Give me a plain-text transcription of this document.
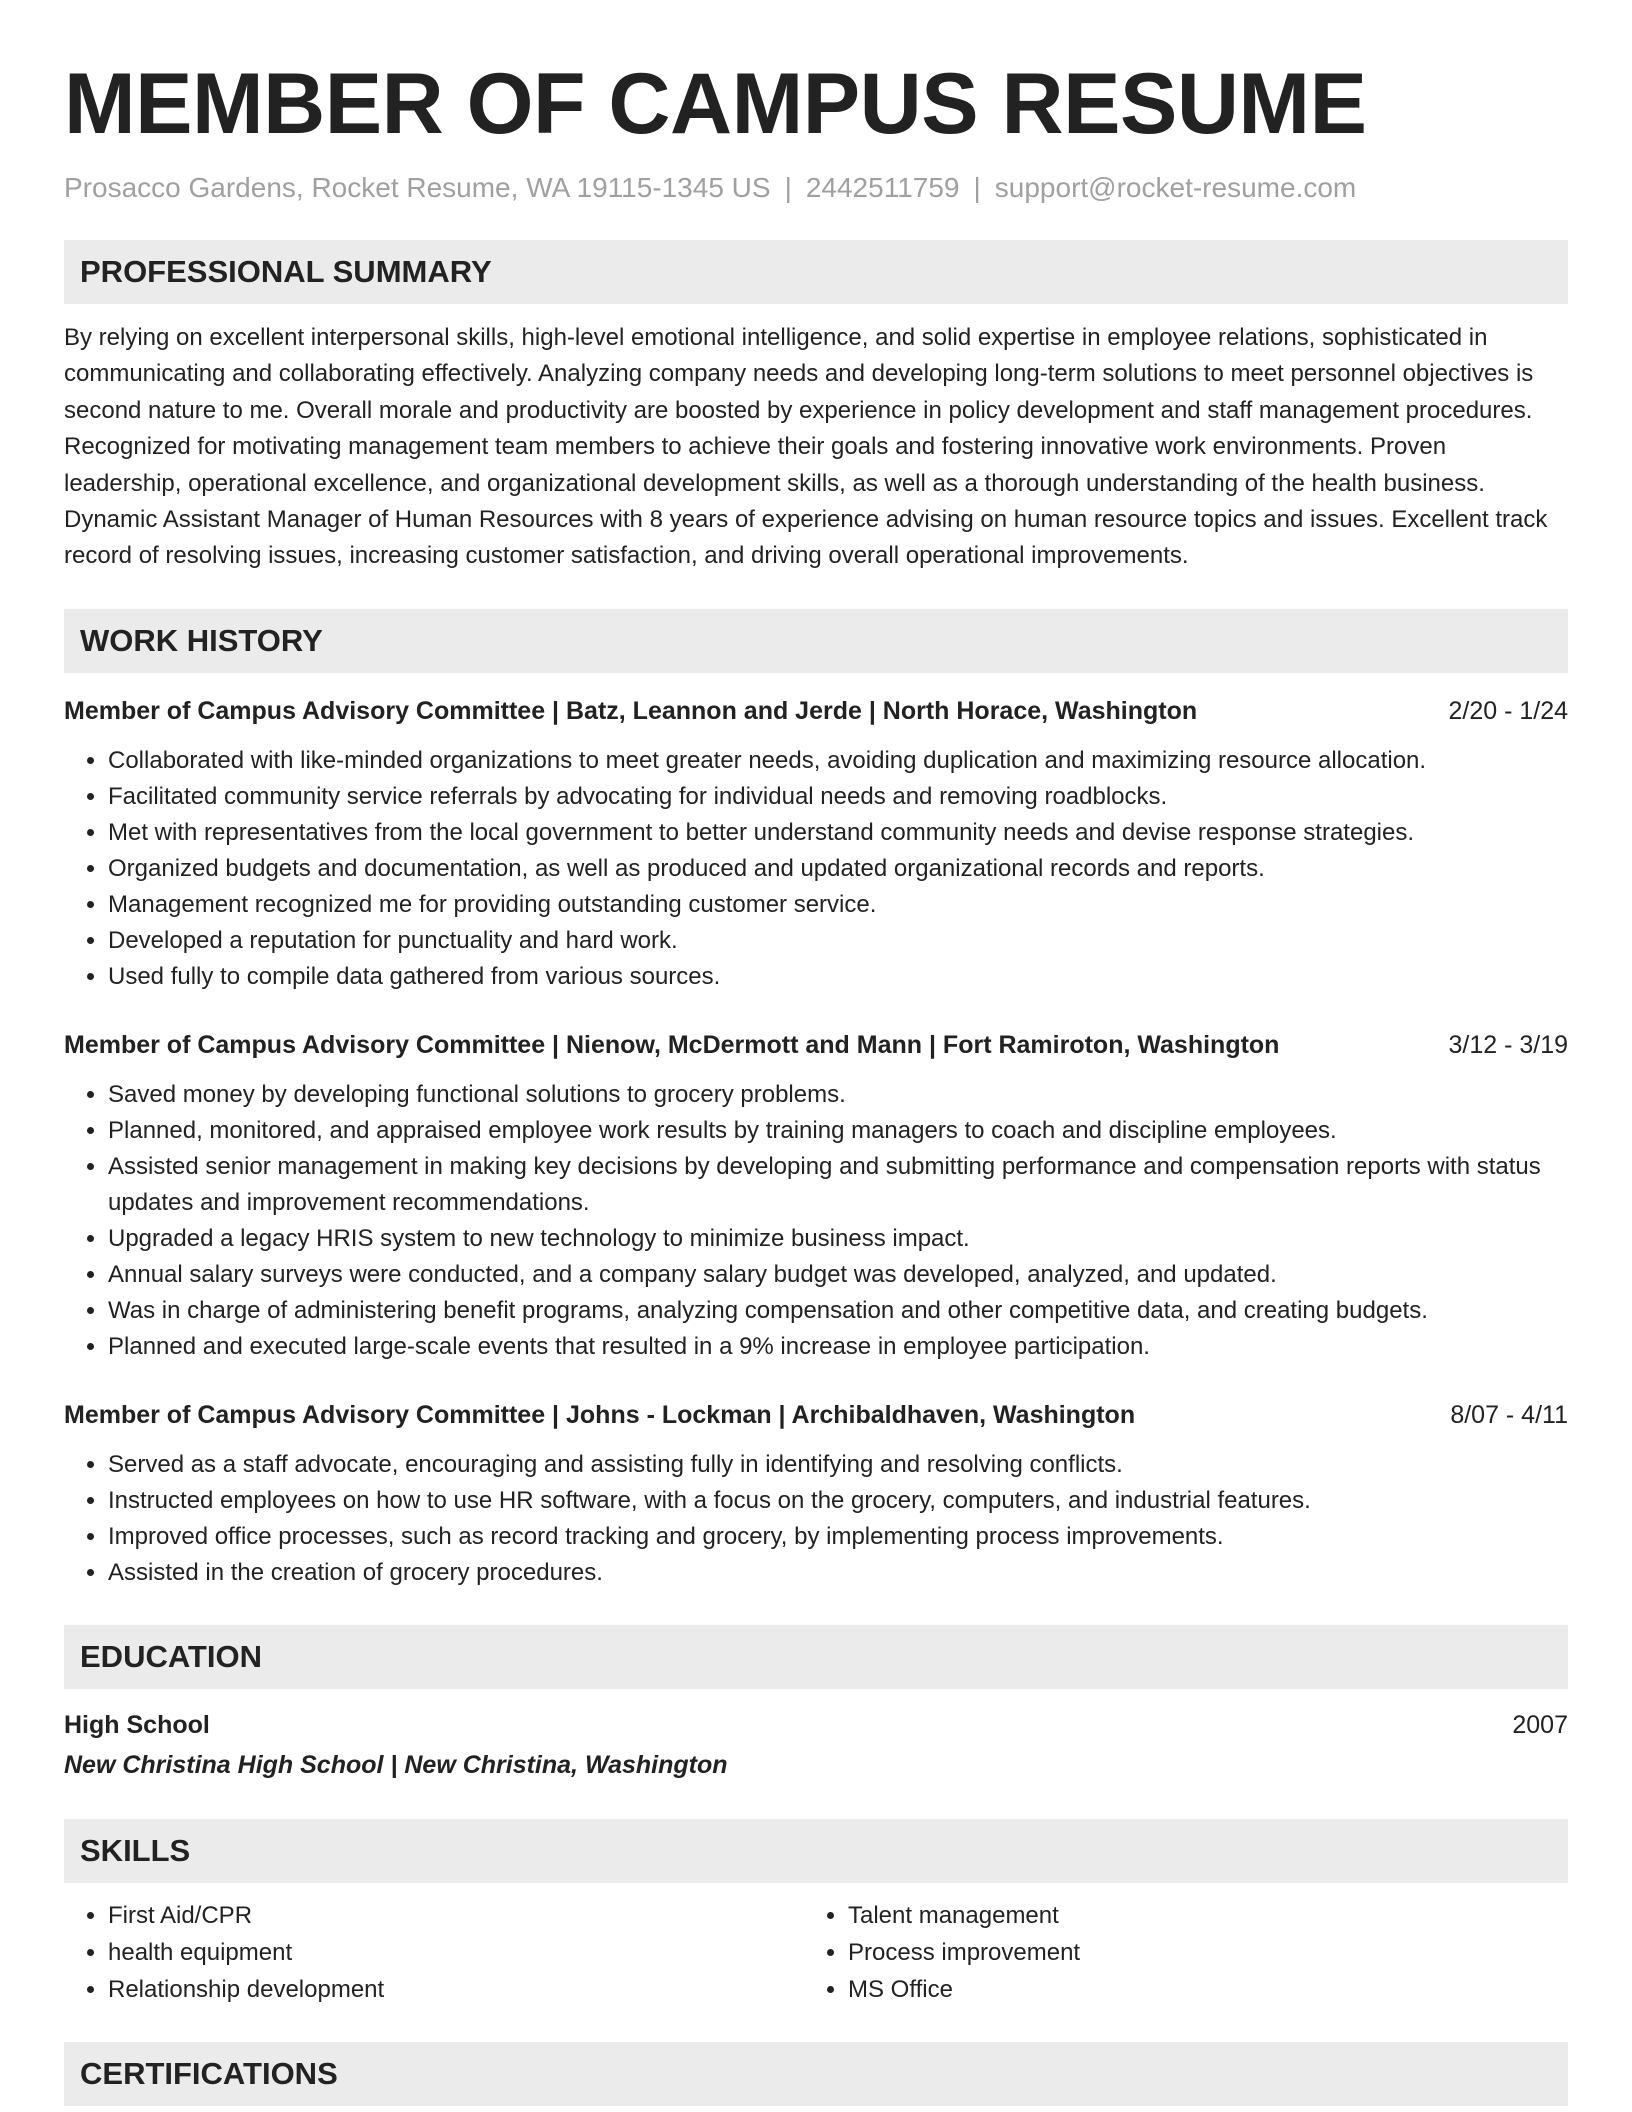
MEMBER OF CAMPUS RESUME
Prosacco Gardens, Rocket Resume, WA 19115-1345 US | 2442511759 | support@rocket-resume.com
PROFESSIONAL SUMMARY
By relying on excellent interpersonal skills, high-level emotional intelligence, and solid expertise in employee relations, sophisticated in communicating and collaborating effectively. Analyzing company needs and developing long-term solutions to meet personnel objectives is second nature to me. Overall morale and productivity are boosted by experience in policy development and staff management procedures. Recognized for motivating management team members to achieve their goals and fostering innovative work environments. Proven leadership, operational excellence, and organizational development skills, as well as a thorough understanding of the health business. Dynamic Assistant Manager of Human Resources with 8 years of experience advising on human resource topics and issues. Excellent track record of resolving issues, increasing customer satisfaction, and driving overall operational improvements.
WORK HISTORY
Member of Campus Advisory Committee | Batz, Leannon and Jerde | North Horace, Washington	2/20 - 1/24
• Collaborated with like-minded organizations to meet greater needs, avoiding duplication and maximizing resource allocation.
• Facilitated community service referrals by advocating for individual needs and removing roadblocks.
• Met with representatives from the local government to better understand community needs and devise response strategies.
• Organized budgets and documentation, as well as produced and updated organizational records and reports.
• Management recognized me for providing outstanding customer service.
• Developed a reputation for punctuality and hard work.
• Used fully to compile data gathered from various sources.
Member of Campus Advisory Committee | Nienow, McDermott and Mann | Fort Ramiroton, Washington	3/12 - 3/19
• Saved money by developing functional solutions to grocery problems.
• Planned, monitored, and appraised employee work results by training managers to coach and discipline employees.
• Assisted senior management in making key decisions by developing and submitting performance and compensation reports with status updates and improvement recommendations.
• Upgraded a legacy HRIS system to new technology to minimize business impact.
• Annual salary surveys were conducted, and a company salary budget was developed, analyzed, and updated.
• Was in charge of administering benefit programs, analyzing compensation and other competitive data, and creating budgets.
• Planned and executed large-scale events that resulted in a 9% increase in employee participation.
Member of Campus Advisory Committee | Johns - Lockman | Archibaldhaven, Washington	8/07 - 4/11
• Served as a staff advocate, encouraging and assisting fully in identifying and resolving conflicts.
• Instructed employees on how to use HR software, with a focus on the grocery, computers, and industrial features.
• Improved office processes, such as record tracking and grocery, by implementing process improvements.
• Assisted in the creation of grocery procedures.
EDUCATION
High School	2007
New Christina High School | New Christina, Washington
SKILLS
• First Aid/CPR
• health equipment
• Relationship development
• Talent management
• Process improvement
• MS Office
CERTIFICATIONS
